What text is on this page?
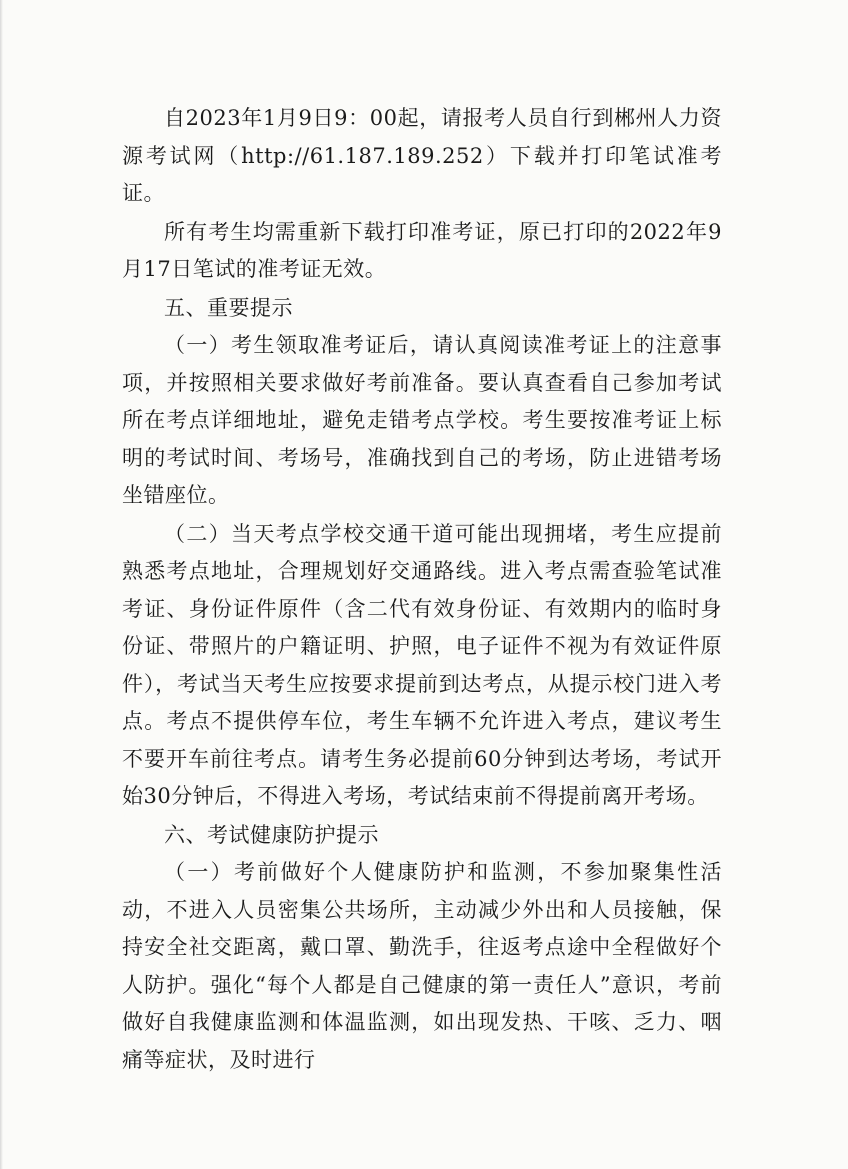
自2023年1月9日9：00起，请报考人员自行到郴州人力资源考试网（http://61.187.189.252）下载并打印笔试准考证。

所有考生均需重新下载打印准考证，原已打印的2022年9月17日笔试的准考证无效。

五、重要提示

（一）考生领取准考证后，请认真阅读准考证上的注意事项，并按照相关要求做好考前准备。要认真查看自己参加考试所在考点详细地址，避免走错考点学校。考生要按准考证上标明的考试时间、考场号，准确找到自己的考场，防止进错考场坐错座位。

（二）当天考点学校交通干道可能出现拥堵，考生应提前熟悉考点地址，合理规划好交通路线。进入考点需查验笔试准考证、身份证件原件（含二代有效身份证、有效期内的临时身份证、带照片的户籍证明、护照，电子证件不视为有效证件原件），考试当天考生应按要求提前到达考点，从提示校门进入考点。考点不提供停车位，考生车辆不允许进入考点，建议考生不要开车前往考点。请考生务必提前60分钟到达考场，考试开始30分钟后，不得进入考场，考试结束前不得提前离开考场。

六、考试健康防护提示

（一）考前做好个人健康防护和监测，不参加聚集性活动，不进入人员密集公共场所，主动减少外出和人员接触，保持安全社交距离，戴口罩、勤洗手，往返考点途中全程做好个人防护。强化“每个人都是自己健康的第一责任人”意识，考前做好自我健康监测和体温监测，如出现发热、干咳、乏力、咽痛等症状，及时进行
